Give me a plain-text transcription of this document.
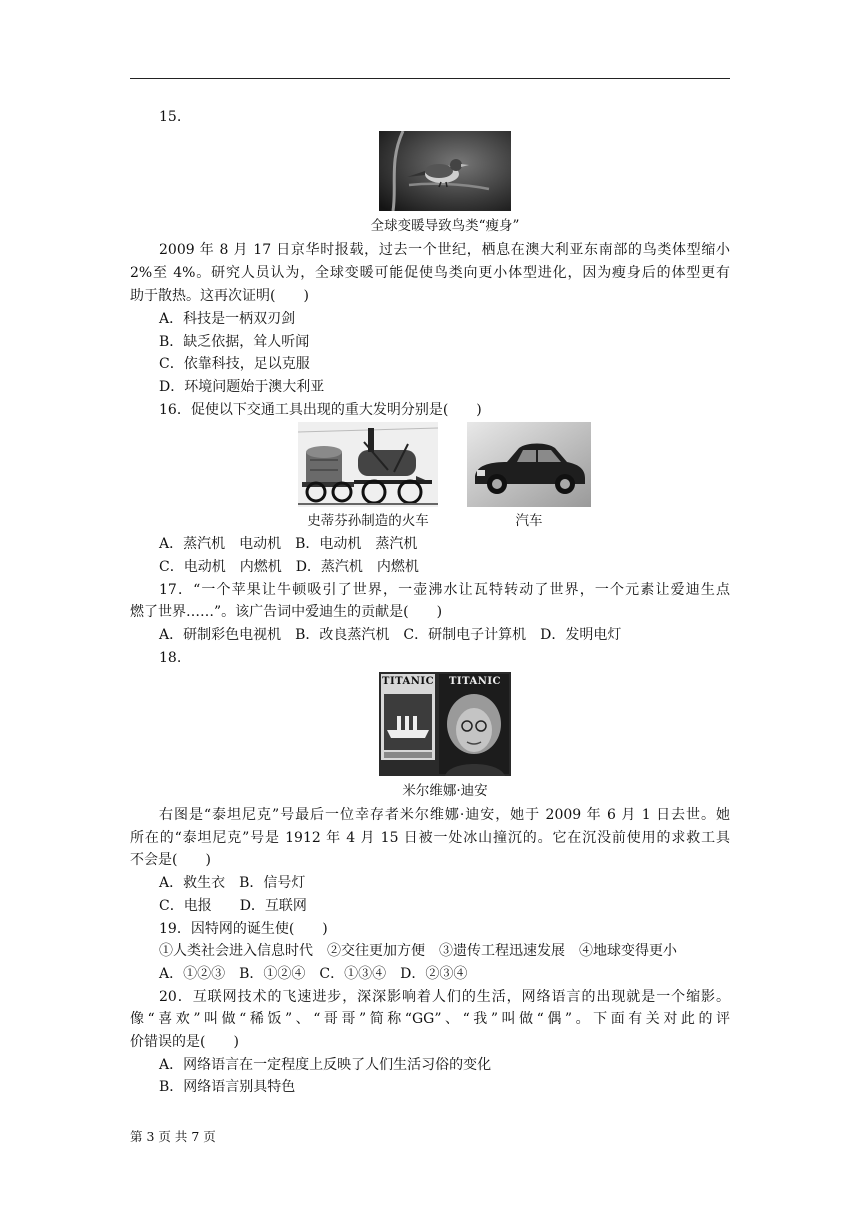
15.
全球变暖导致鸟类“瘦身”
2009 年 8 月 17 日京华时报载，过去一个世纪，栖息在澳大利亚东南部的鸟类体型缩小
2%至 4%。研究人员认为，全球变暖可能促使鸟类向更小体型进化，因为瘦身后的体型更有
助于散热。这再次证明(　　)
A．科技是一柄双刃剑
B．缺乏依据，耸人听闻
C．依靠科技，足以克服
D．环境问题始于澳大利亚
16．促使以下交通工具出现的重大发明分别是(　　)
史蒂芬孙制造的火车	汽车
A．蒸汽机　电动机　B．电动机　蒸汽机
C．电动机　内燃机　D．蒸汽机　内燃机
17．“一个苹果让牛顿吸引了世界，一壶沸水让瓦特转动了世界，一个元素让爱迪生点
燃了世界……”。该广告词中爱迪生的贡献是(　　)
A．研制彩色电视机　B．改良蒸汽机　C．研制电子计算机　D．发明电灯
18.
TITANIC	TITANIC
米尔维娜·迪安
右图是“泰坦尼克”号最后一位幸存者米尔维娜·迪安，她于 2009 年 6 月 1 日去世。她
所在的“泰坦尼克”号是 1912 年 4 月 15 日被一处冰山撞沉的。它在沉没前使用的求救工具
不会是(　　)
A．救生衣　B．信号灯
C．电报　　D．互联网
19．因特网的诞生使(　　)
①人类社会进入信息时代　②交往更加方便　③遗传工程迅速发展　④地球变得更小
A．①②③　B．①②④　C．①③④　D．②③④
20．互联网技术的飞速进步，深深影响着人们的生活，网络语言的出现就是一个缩影。
像“喜欢”叫做“稀饭”、“哥哥”简称“GG”、“我”叫做“偶”。下面有关对此的评
价错误的是(　　)
A．网络语言在一定程度上反映了人们生活习俗的变化
B．网络语言别具特色
第 3 页 共 7 页
